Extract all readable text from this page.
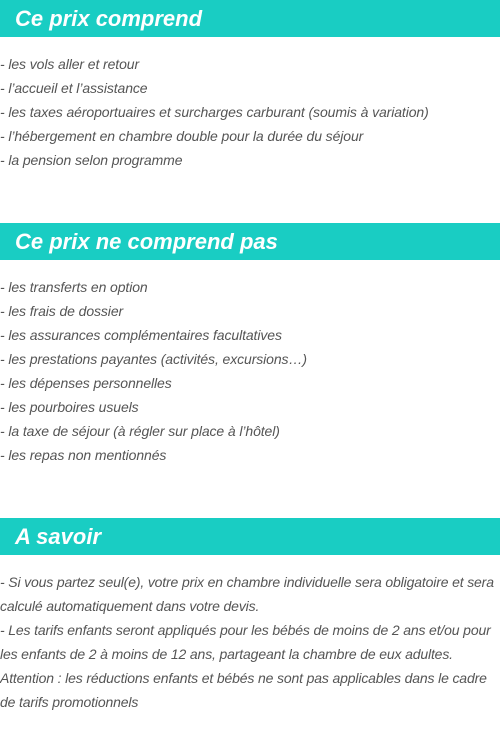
Ce prix comprend
- les vols aller et retour
- l’accueil et l’assistance
- les taxes aéroportuaires et surcharges carburant (soumis à variation)
- l’hébergement en chambre double pour la durée du séjour
- la pension selon programme
Ce prix ne comprend pas
- les transferts en option
- les frais de dossier
- les assurances complémentaires facultatives
- les prestations payantes (activités, excursions…)
- les dépenses personnelles
- les pourboires usuels
- la taxe de séjour (à régler sur place à l’hôtel)
- les repas non mentionnés
A savoir
- Si vous partez seul(e), votre prix en chambre individuelle sera obligatoire et sera calculé automatiquement dans votre devis.
- Les tarifs enfants seront appliqués pour les bébés de moins de 2 ans et/ou pour les enfants de 2 à moins de 12 ans, partageant la chambre de eux adultes.
Attention : les réductions enfants et bébés ne sont pas applicables dans le cadre de tarifs promotionnels
